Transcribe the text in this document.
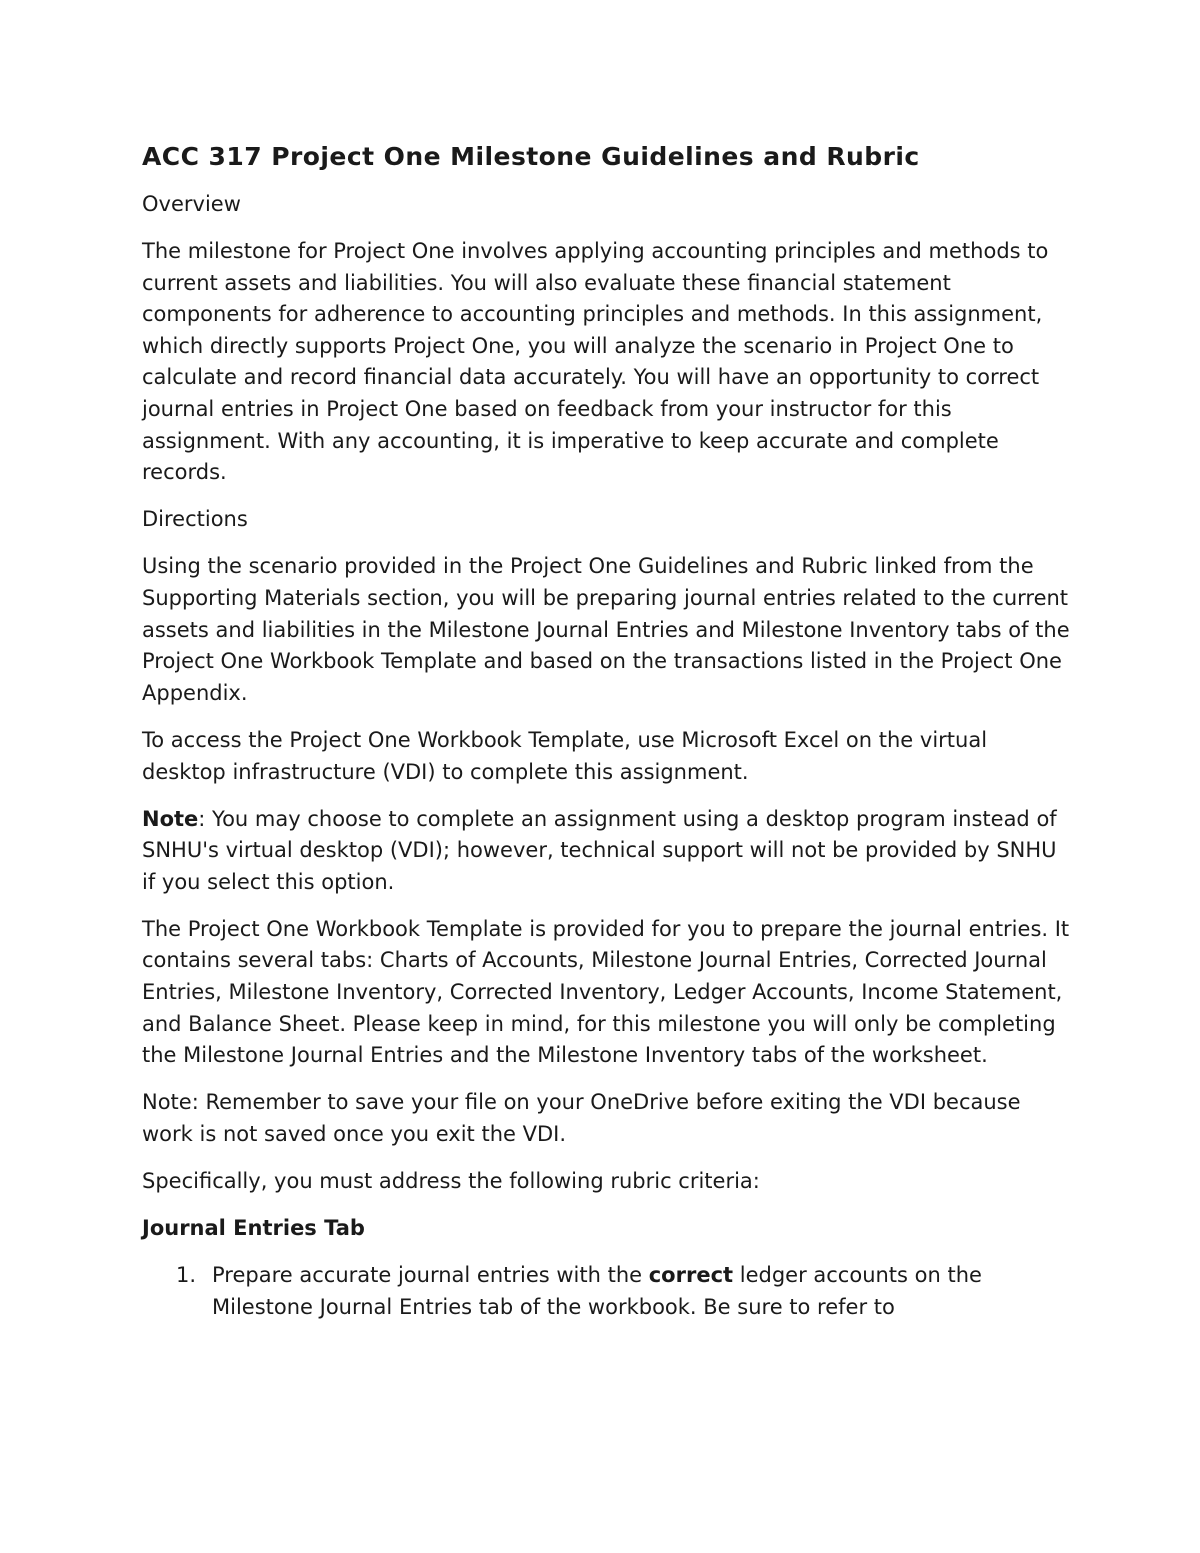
ACC 317 Project One Milestone Guidelines and Rubric
Overview
The milestone for Project One involves applying accounting principles and methods to current assets and liabilities. You will also evaluate these financial statement components for adherence to accounting principles and methods. In this assignment, which directly supports Project One, you will analyze the scenario in Project One to calculate and record financial data accurately. You will have an opportunity to correct journal entries in Project One based on feedback from your instructor for this assignment. With any accounting, it is imperative to keep accurate and complete records.
Directions
Using the scenario provided in the Project One Guidelines and Rubric linked from the Supporting Materials section, you will be preparing journal entries related to the current assets and liabilities in the Milestone Journal Entries and Milestone Inventory tabs of the Project One Workbook Template and based on the transactions listed in the Project One Appendix.
To access the Project One Workbook Template, use Microsoft Excel on the virtual desktop infrastructure (VDI) to complete this assignment.
Note: You may choose to complete an assignment using a desktop program instead of SNHU's virtual desktop (VDI); however, technical support will not be provided by SNHU if you select this option.
The Project One Workbook Template is provided for you to prepare the journal entries. It contains several tabs: Charts of Accounts, Milestone Journal Entries, Corrected Journal Entries, Milestone Inventory, Corrected Inventory, Ledger Accounts, Income Statement, and Balance Sheet. Please keep in mind, for this milestone you will only be completing the Milestone Journal Entries and the Milestone Inventory tabs of the worksheet.
Note: Remember to save your file on your OneDrive before exiting the VDI because work is not saved once you exit the VDI.
Specifically, you must address the following rubric criteria:
Journal Entries Tab
1. Prepare accurate journal entries with the correct ledger accounts on the Milestone Journal Entries tab of the workbook. Be sure to refer to
